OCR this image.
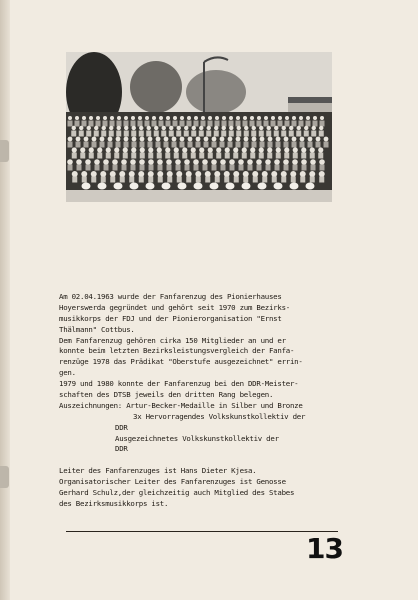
Am 02.04.1963 wurde der Fanfarenzug des Pionierhauses
Hoyerswerda gegründet und gehört seit 1970 zum Bezirks-
musikkorps der FDJ und der Pionierorganisation "Ernst
Thälmann" Cottbus.
Dem Fanfarenzug gehören cirka 150 Mitglieder an und er
konnte beim letzten Bezirksleistungsvergleich der Fanfa-
renzüge 1978 das Prädikat "Oberstufe ausgezeichnet" errin-
gen.
1979 und 1980 konnte der Fanfarenzug bei den DDR-Meister-
schaften des DTSB jeweils den dritten Rang belegen.
Auszeichnungen: Artur-Becker-Medaille in Silber und Bronze
3x Hervorragendes Volkskunstkollektiv der
DDR
Ausgezeichnetes Volkskunstkollektiv der
DDR
Leiter des Fanfarenzuges ist Hans Dieter Kjesa.
Organisatorischer Leiter des Fanfarenzuges ist Genosse
Gerhard Schulz,der gleichzeitig auch Mitglied des Stabes
des Bezirksmusikkorps ist.
13
